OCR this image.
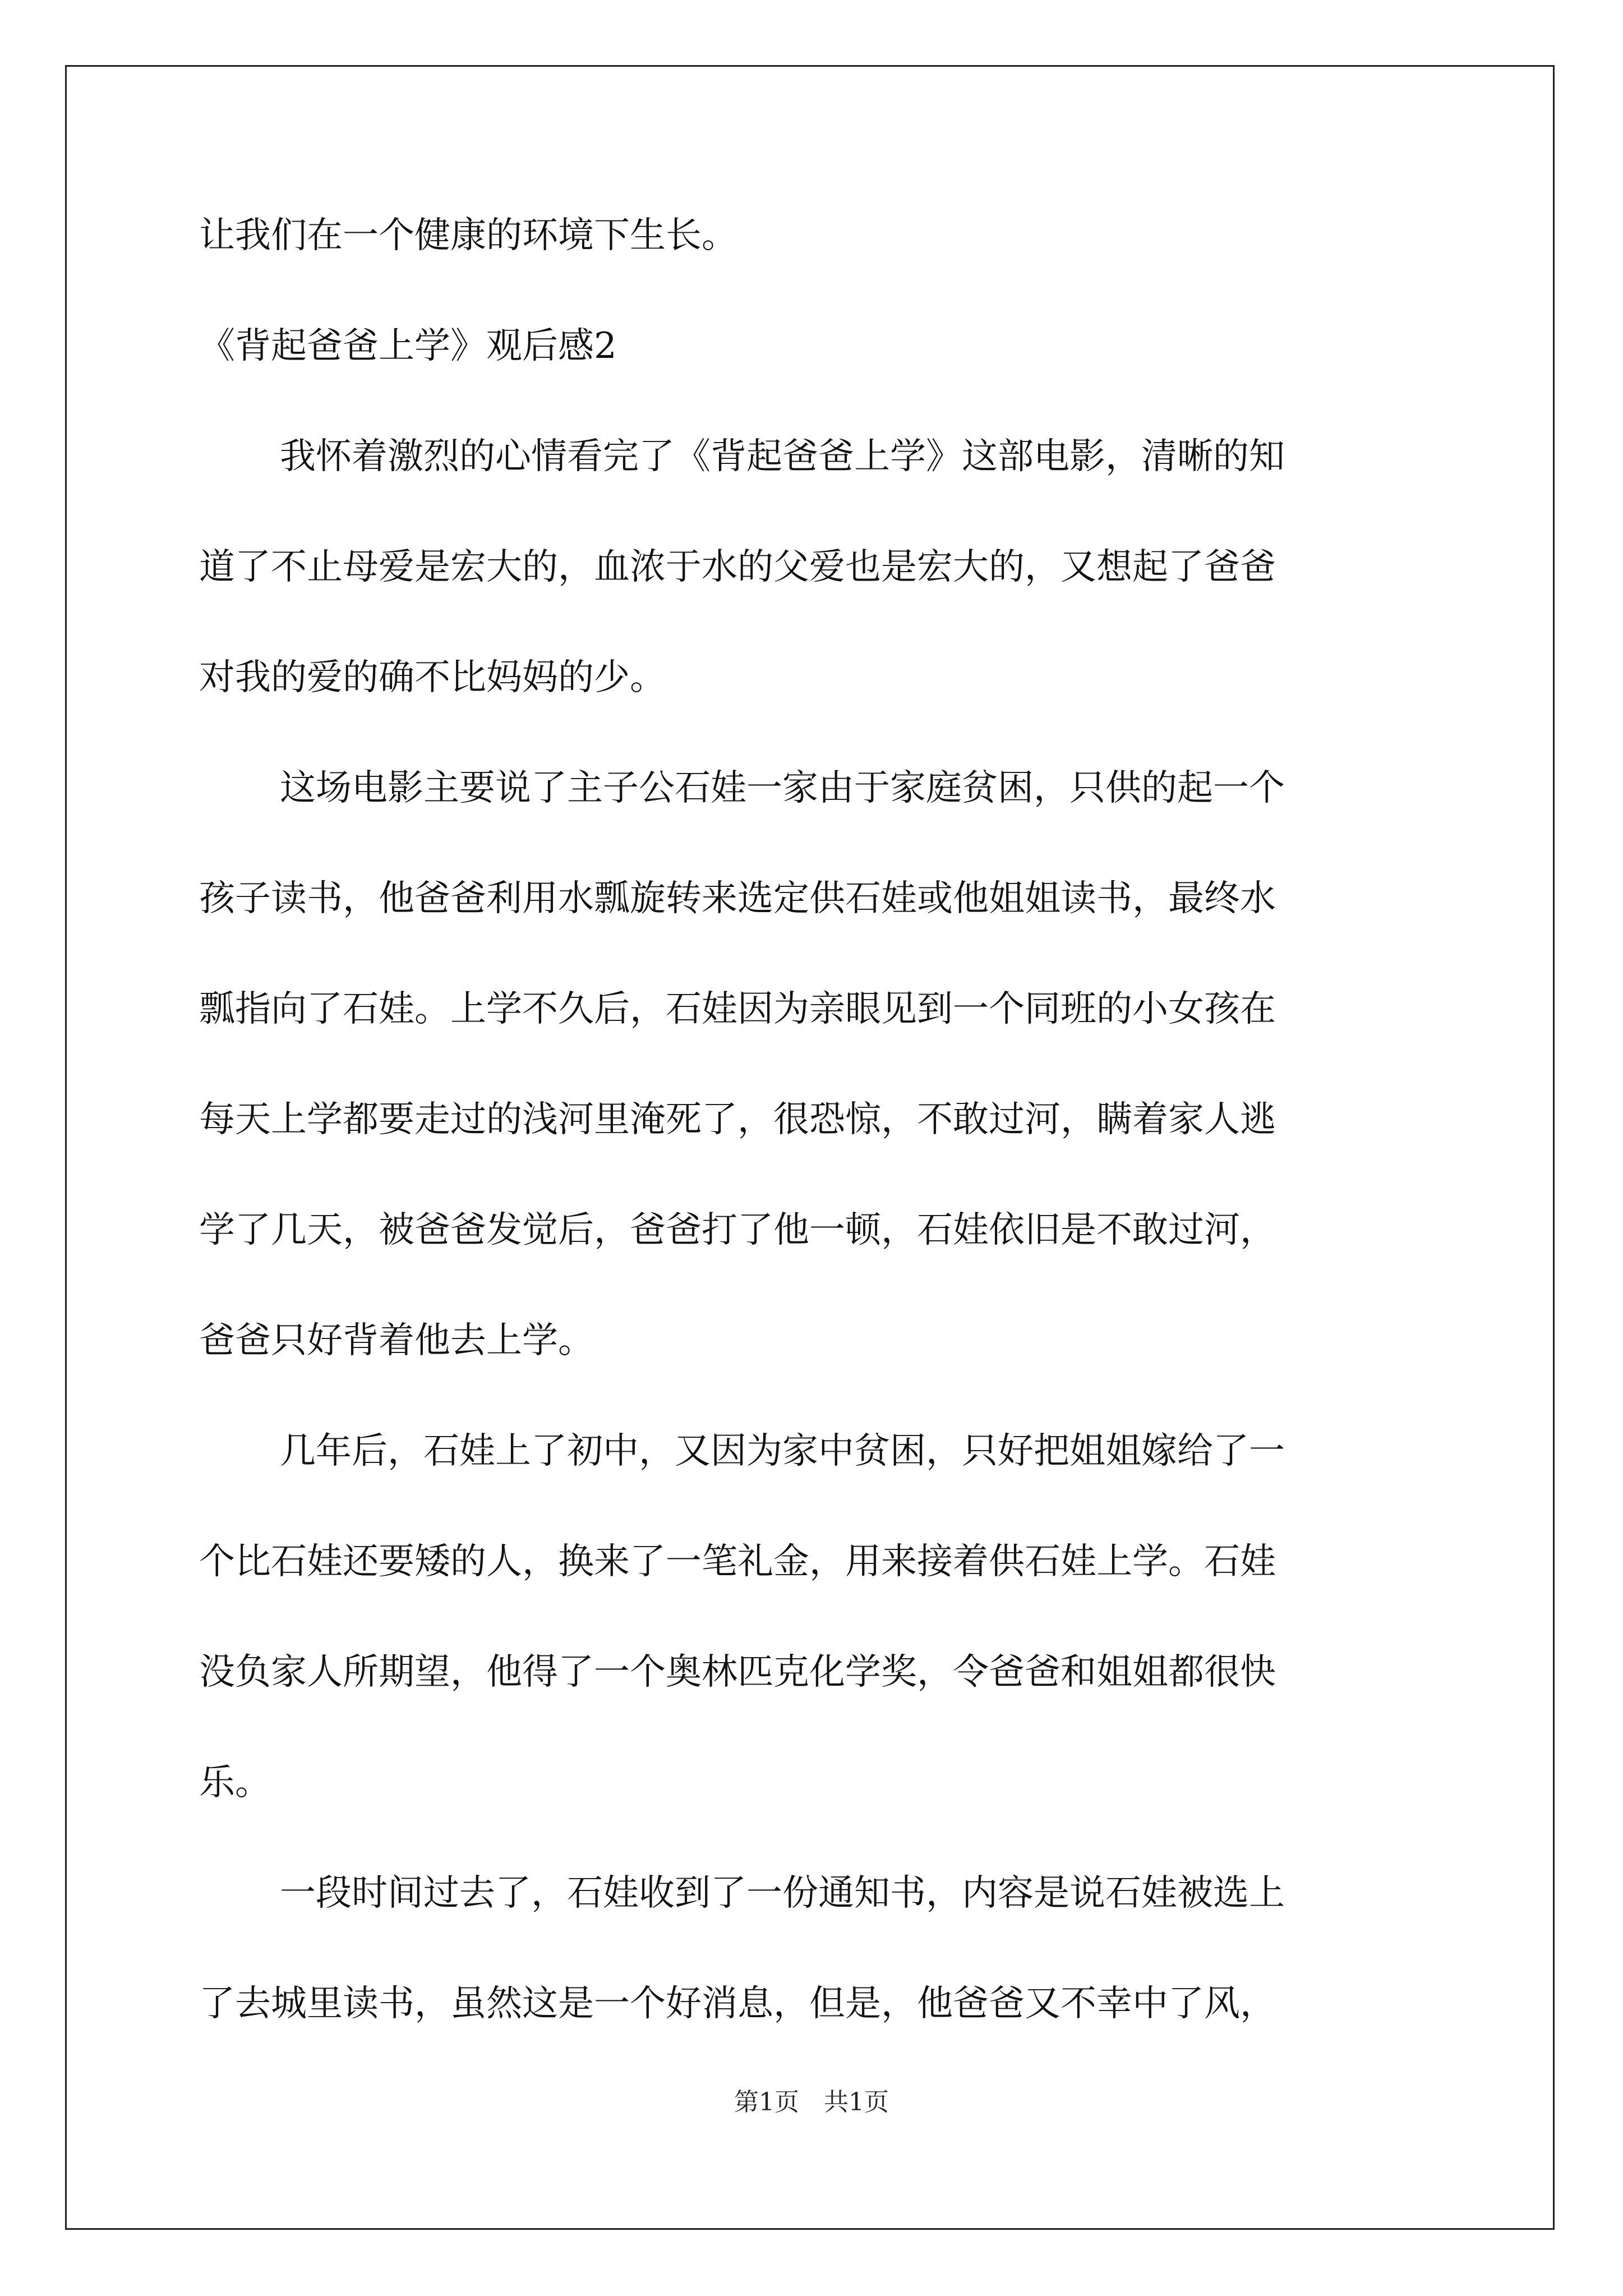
让我们在一个健康的环境下生长。

《背起爸爸上学》观后感2

我怀着激烈的心情看完了《背起爸爸上学》这部电影，清晰的知

道了不止母爱是宏大的，血浓于水的父爱也是宏大的，又想起了爸爸

对我的爱的确不比妈妈的少。

这场电影主要说了主子公石娃一家由于家庭贫困，只供的起一个

孩子读书，他爸爸利用水瓢旋转来选定供石娃或他姐姐读书，最终水

瓢指向了石娃。上学不久后，石娃因为亲眼见到一个同班的小女孩在

每天上学都要走过的浅河里淹死了，很恐惊，不敢过河，瞒着家人逃

学了几天，被爸爸发觉后，爸爸打了他一顿，石娃依旧是不敢过河，

爸爸只好背着他去上学。

几年后，石娃上了初中，又因为家中贫困，只好把姐姐嫁给了一

个比石娃还要矮的人，换来了一笔礼金，用来接着供石娃上学。石娃

没负家人所期望，他得了一个奥林匹克化学奖，令爸爸和姐姐都很快

乐。

一段时间过去了，石娃收到了一份通知书，内容是说石娃被选上

了去城里读书，虽然这是一个好消息，但是，他爸爸又不幸中了风，

第1页 共1页
